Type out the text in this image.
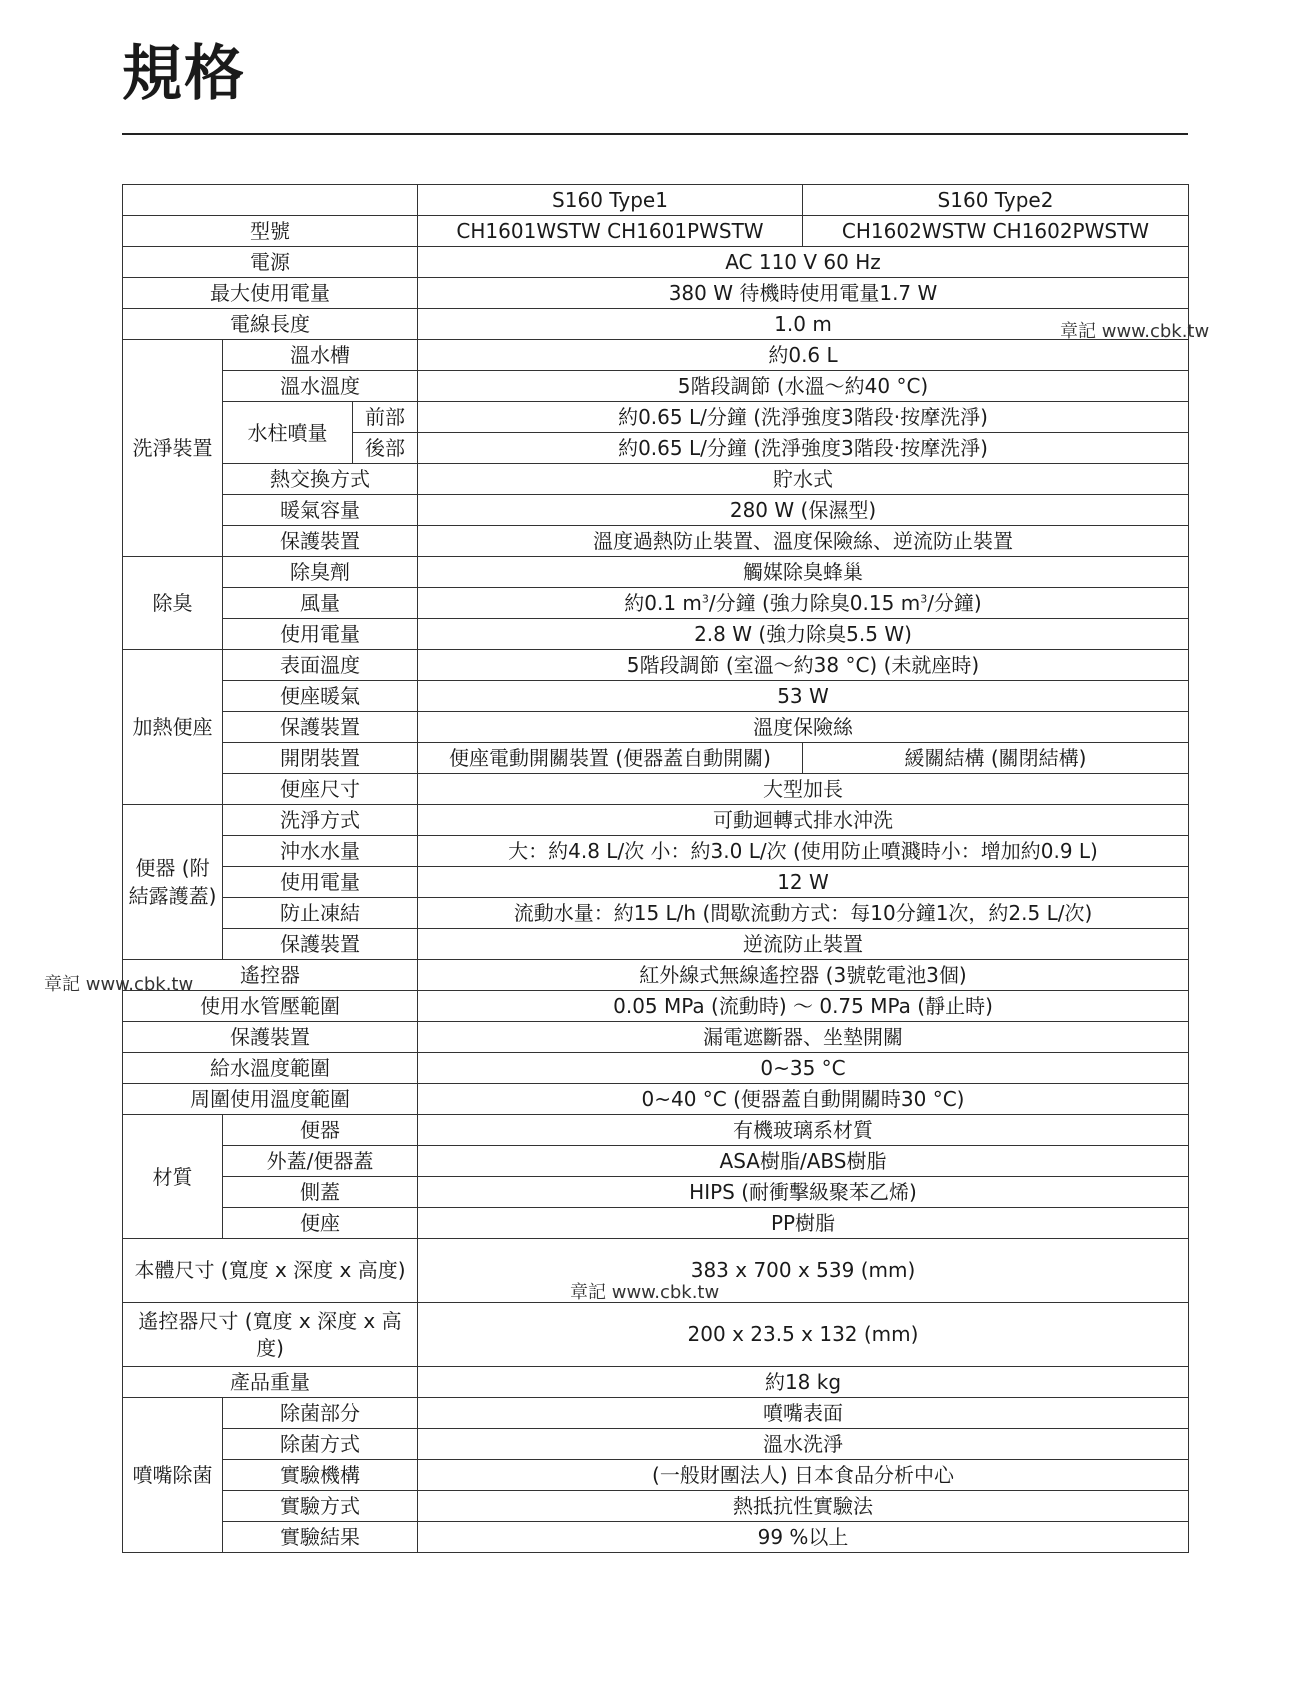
規格
			S160 Type1	S160 Type2
型號			CH1601WSTW CH1601PWSTW	CH1602WSTW CH1602PWSTW
電源			AC 110 V 60 Hz	
最大使用電量			380 W 待機時使用電量1.7 W	
電線長度			1.0 m	
洗淨裝置	溫水槽		約0.6 L	
	溫水溫度		5階段調節 (水溫～約40 °C)	
	水柱噴量	前部	約0.65 L/分鐘 (洗淨強度3階段·按摩洗淨)	
		後部	約0.65 L/分鐘 (洗淨強度3階段·按摩洗淨)	
	熱交換方式		貯水式	
	暖氣容量		280 W (保濕型)	
	保護裝置		溫度過熱防止裝置、溫度保險絲、逆流防止裝置	
除臭	除臭劑		觸媒除臭蜂巢	
	風量		約0.1 $m^3/$分鐘 (強力除臭0.15 $m^3/$分鐘)	
	使用電量		2.8 W (強力除臭5.5 W)	
加熱便座	表面溫度		5階段調節 (室溫～約38 °C) (未就座時)	
	便座暖氣		53 W	
	保護裝置		溫度保險絲	
	開閉裝置		便座電動開關裝置 (便器蓋自動開關)	緩關結構 (關閉結構)
	便座尺寸		大型加長	
便器 (附結露護蓋)	洗淨方式		可動迴轉式排水沖洗	
	沖水水量		大：約4.8 L/次 小：約3.0 L/次 (使用防止噴濺時小：增加約0.9 L)	
	使用電量		12 W	
	防止凍結		流動水量：約15 L/h (間歇流動方式：每10分鐘1次，約2.5 L/次)	
	保護裝置		逆流防止裝置	
遙控器			紅外線式無線遙控器 (3號乾電池3個)	
使用水管壓範圍			0.05 MPa (流動時) ～ 0.75 MPa (靜止時)	
保護裝置			漏電遮斷器、坐墊開關	
給水溫度範圍			0~35 °C	
周圍使用溫度範圍			0~40 °C (便器蓋自動開關時30 °C)	
材質	便器		有機玻璃系材質	
	外蓋/便器蓋		ASA樹脂/ABS樹脂	
	側蓋		HIPS (耐衝擊級聚苯乙烯)	
	便座		PP樹脂	
本體尺寸 (寬度 x 深度 x 高度)			383 x 700 x 539 (mm)	
遙控器尺寸 (寬度 x 深度 x 高度)			200 x 23.5 x 132 (mm)	
產品重量			約18 kg	
噴嘴除菌	除菌部分		噴嘴表面	
	除菌方式		溫水洗淨	
	實驗機構		(一般財團法人) 日本食品分析中心	
	實驗方式		熱抵抗性實驗法	
	實驗結果		99 %以上	
章記 www.cbk.tw
章記 www.cbk.tw
章記 www.cbk.tw
